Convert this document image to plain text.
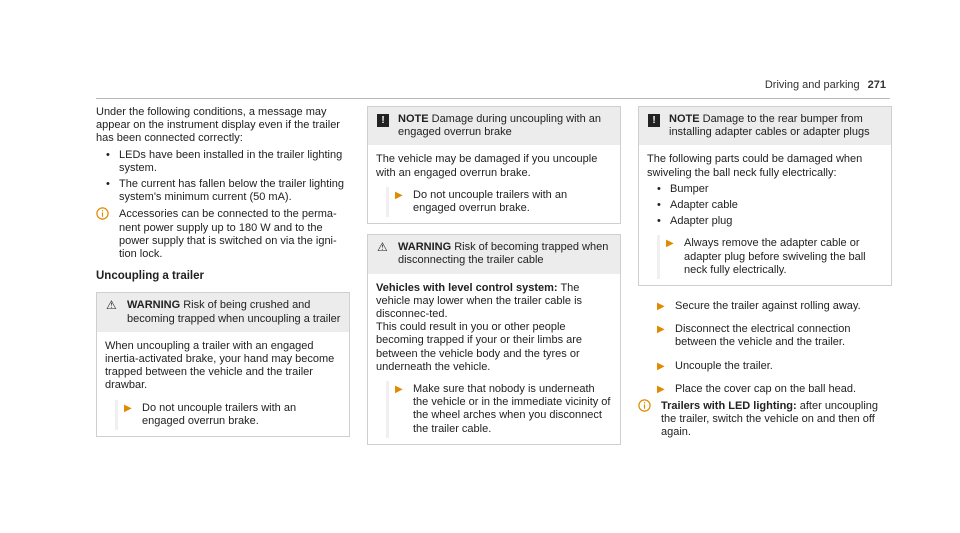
Driving and parking 271

Under the following conditions, a message may appear on the instrument display even if the trailer has been connected correctly:

• LEDs have been installed in the trailer lighting system.
• The current has fallen below the trailer lighting system's minimum current (50 mA).
Accessories can be connected to the perma-nent power supply up to 180 W and to the power supply that is switched on via the igni-tion lock.
Uncoupling a trailer
⚠ WARNING Risk of being crushed and becoming trapped when uncoupling a trailer

When uncoupling a trailer with an engaged inertia-activated brake, your hand may become trapped between the vehicle and the trailer drawbar.

▶ Do not uncouple trailers with an engaged overrun brake.
!	NOTE Damage during uncoupling with an engaged overrun brake

The vehicle may be damaged if you uncouple with an engaged overrun brake.

▶ Do not uncouple trailers with an engaged overrun brake.
⚠ WARNING Risk of becoming trapped when disconnecting the trailer cable

Vehicles with level control system: The vehicle may lower when the trailer cable is disconnec-ted.

This could result in you or other people becoming trapped if your or their limbs are between the vehicle body and the tyres or underneath the vehicle.

▶ Make sure that nobody is underneath the vehicle or in the immediate vicinity of the wheel arches when you disconnect the trailer cable.
!	NOTE Damage to the rear bumper from installing adapter cables or adapter plugs

The following parts could be damaged when swiveling the ball neck fully electrically:

• Bumper
• Adapter cable
• Adapter plug
▶ Always remove the adapter cable or adapter plug before swiveling the ball neck fully electrically.
▶ Secure the trailer against rolling away.
▶ Disconnect the electrical connection between the vehicle and the trailer.
▶ Uncouple the trailer.
▶ Place the cover cap on the ball head.
Trailers with LED lighting: after uncoupling the trailer, switch the vehicle on and then off again.
